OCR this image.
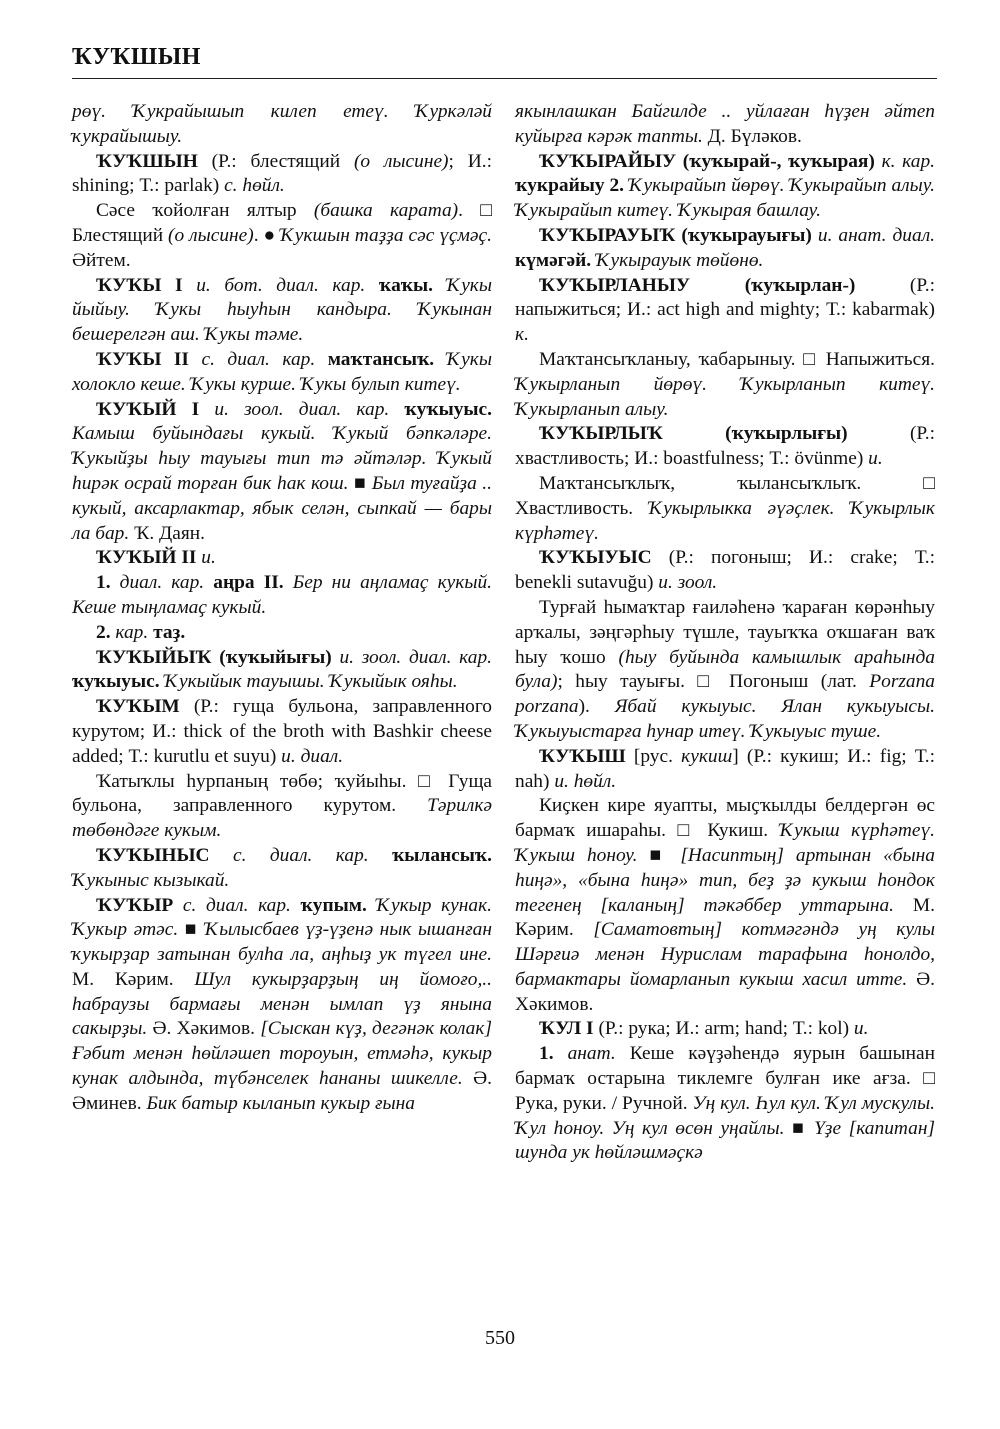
ҠУҠШЫН

рөү. Ҡукрайышып килеп етеү. Ҡуркәләй ҡукрайышыу.

ҠУҠШЫН (Р.: блестящий (о лысине); И.: shining; Т.: parlak) с. һөйл.

Сәсе ҡойолған ялтыр (башка карата). □ Блестящий (о лысине). ● Ҡукшын таҙҙа сәс үҫмәҫ. Әйтем.

ҠУҠЫ I и. бот. диал. кар. ҡаҡы. Ҡукы йыйыу. Ҡукы һыуһын кандыра. Ҡукынан бешерелгән аш. Ҡукы тәме.

ҠУҠЫ II с. диал. кар. маҡтансыҡ. Ҡукы холокло кеше. Ҡукы курше. Ҡукы булып китеү.

ҠУҠЫЙ I и. зоол. диал. кар. ҡуҡыуыс. Камыш буйындағы кукый. Ҡукый бәпкәләре. Ҡукыйҙы һыу тауығы тип тә әйтәләр. Ҡукый һирәк осрай торған бик һак кош. ■ Был туғайҙа .. кукый, аксарлактар, ябык селән, сыпкай — бары ла бар. Ҡ. Даян.

ҠУҠЫЙ II и.

1. диал. кар. аңра II. Бер ни аңламаҫ кукый. Кеше тыңламаҫ кукый.

2. кар. таҙ.

ҠУҠЫЙЫҠ (ҡуҡыйығы) и. зоол. диал. кар. ҡуҡыуыс. Ҡукыйык тауышы. Ҡукыйык ояһы.

ҠУҠЫМ (Р.: гуща бульона, заправленного курутом; И.: thick of the broth with Bashkir cheese added; Т.: kurutlu et suyu) и. диал.

Ҡатыҡлы һурпаның төбө; ҡуйыһы. □ Гуща бульона, заправленного курутом. Тәрилкә төбөндәге кукым.

ҠУҠЫНЫС с. диал. кар. ҡылансыҡ. Ҡукыныс кызыкай.

ҠУҠЫР с. диал. кар. ҡупым. Ҡукыр кунак. Ҡукыр әтәс. ■ Ҡылысбаев үҙ-үҙенә нык ышанған ҡукырҙар затынан булһа ла, аңһыҙ ук түгел ине. М. Кәрим. Шул кукырҙарҙың иң йомоғо,.. һабраузы бармағы менән ымлап үҙ янына сакырҙы. Ә. Хәкимов. [Сыскан күҙ, дегәнәк колак] Ғәбит менән һөйләшеп тороуын, етмәһә, кукыр кунак алдында, түбәнселек һананы шикелле. Ә. Әминев. Бик батыр кыланып кукыр ғына

якынлашкан Байгилде .. уйлаған һүҙен әйтеп куйырға кәрәк тапты. Д. Бүләков.

ҠУҠЫРАЙЫУ (ҡуҡырай-, ҡуҡырая) к. кар. ҡукрайыу 2. Ҡукырайып йөрөү. Ҡукырайып алыу. Ҡукырайып китеү. Ҡукырая башлау.

ҠУҠЫРАУЫҠ (ҡуҡырауығы) и. анат. диал. күмәгәй. Ҡукырауык төйөнө.

ҠУҠЫРЛАНЫУ (ҡуҡырлан-) (Р.: напыжиться; И.: act high and mighty; Т.: kabarmak) к.

Маҡтансыҡланыу, ҡабарыныу. □ Напыжиться. Ҡукырланып йөрөү. Ҡукырланып китеү. Ҡукырланып алыу.

ҠУҠЫРЛЫҠ (ҡуҡырлығы) (Р.: хвастливость; И.: boastfulness; Т.: övünme) и.

Маҡтансыҡлыҡ, ҡылансыҡлыҡ. □ Хвастливость. Ҡукырлыкка әүәҫлек. Ҡукырлык күрһәтеү.

ҠУҠЫУЫС (Р.: погоныш; И.: crake; Т.: benekli sutavuğu) и. зоол.

Турғай һымаҡтар ғаиләһенә ҡараған көрәнһыу арҡалы, зәңгәрһыу түшле, тауыҡҡа оҡшаған ваҡ һыу ҡошо (һыу буйында камышлык араһында була); һыу тауығы. □ Погоныш (лат. Porzana porzana). Ябай кукыуыс. Ялан кукыуысы. Ҡукыуыстарға һунар итеү. Ҡукыуыс туше.

ҠУҠЫШ [рус. кукиш] (Р.: кукиш; И.: fig; Т.: nah) и. һөйл.

Киҫкен кире яуапты, мыҫҡылды белдергән өс бармаҡ ишараһы. □ Кукиш. Ҡукыш күрһәтеү. Ҡукыш һоноу. ■ [Насиптың] артынан «бына һиңә», «бына һиңә» тип, беҙ ҙә кукыш һондок тегенең [каланың] тәкәббер уттарына. М. Кәрим. [Саматовтың] котмәгәндә уң кулы Шәрғиә менән Нурислам тарафына һонолдо, бармактары йомарланып кукыш хасил итте. Ә. Хәкимов.

ҠУЛ I (Р.: рука; И.: arm; hand; Т.: kol) и.

1. анат. Кеше кәүҙәһендә яурын башынан бармаҡ остарына тиклемге булған ике ағза. □ Рука, руки. / Ручной. Уң кул. Һул кул. Ҡул мускулы. Ҡул һоноу. Уң кул өсөн уңайлы. ■ Үҙе [капитан] шунда ук һөйләшмәҫкә

550
